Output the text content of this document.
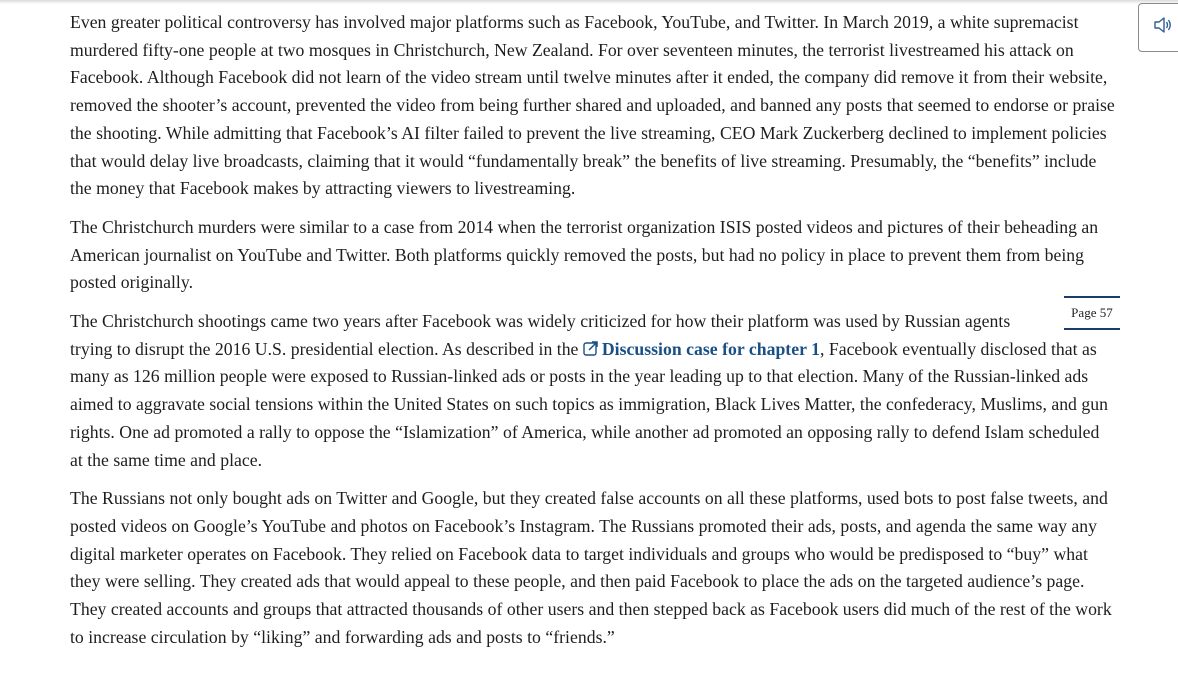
Even greater political controversy has involved major platforms such as Facebook, YouTube, and Twitter. In March 2019, a white supremacist murdered fifty-one people at two mosques in Christchurch, New Zealand. For over seventeen minutes, the terrorist livestreamed his attack on Facebook. Although Facebook did not learn of the video stream until twelve minutes after it ended, the company did remove it from their website, removed the shooter’s account, prevented the video from being further shared and uploaded, and banned any posts that seemed to endorse or praise the shooting. While admitting that Facebook’s AI filter failed to prevent the live streaming, CEO Mark Zuckerberg declined to implement policies that would delay live broadcasts, claiming that it would “fundamentally break” the benefits of live streaming. Presumably, the “benefits” include the money that Facebook makes by attracting viewers to livestreaming.

The Christchurch murders were similar to a case from 2014 when the terrorist organization ISIS posted videos and pictures of their beheading an American journalist on YouTube and Twitter. Both platforms quickly removed the posts, but had no policy in place to prevent them from being posted originally.

Page 57
The Christchurch shootings came two years after Facebook was widely criticized for how their platform was used by Russian agents trying to disrupt the 2016 U.S. presidential election. As described in the Discussion case for chapter 1, Facebook eventually disclosed that as many as 126 million people were exposed to Russian-linked ads or posts in the year leading up to that election. Many of the Russian-linked ads aimed to aggravate social tensions within the United States on such topics as immigration, Black Lives Matter, the confederacy, Muslims, and gun rights. One ad promoted a rally to oppose the “Islamization” of America, while another ad promoted an opposing rally to defend Islam scheduled at the same time and place.

The Russians not only bought ads on Twitter and Google, but they created false accounts on all these platforms, used bots to post false tweets, and posted videos on Google’s YouTube and photos on Facebook’s Instagram. The Russians promoted their ads, posts, and agenda the same way any digital marketer operates on Facebook. They relied on Facebook data to target individuals and groups who would be predisposed to “buy” what they were selling. They created ads that would appeal to these people, and then paid Facebook to place the ads on the targeted audience’s page. They created accounts and groups that attracted thousands of other users and then stepped back as Facebook users did much of the rest of the work to increase circulation by “liking” and forwarding ads and posts to “friends.”
